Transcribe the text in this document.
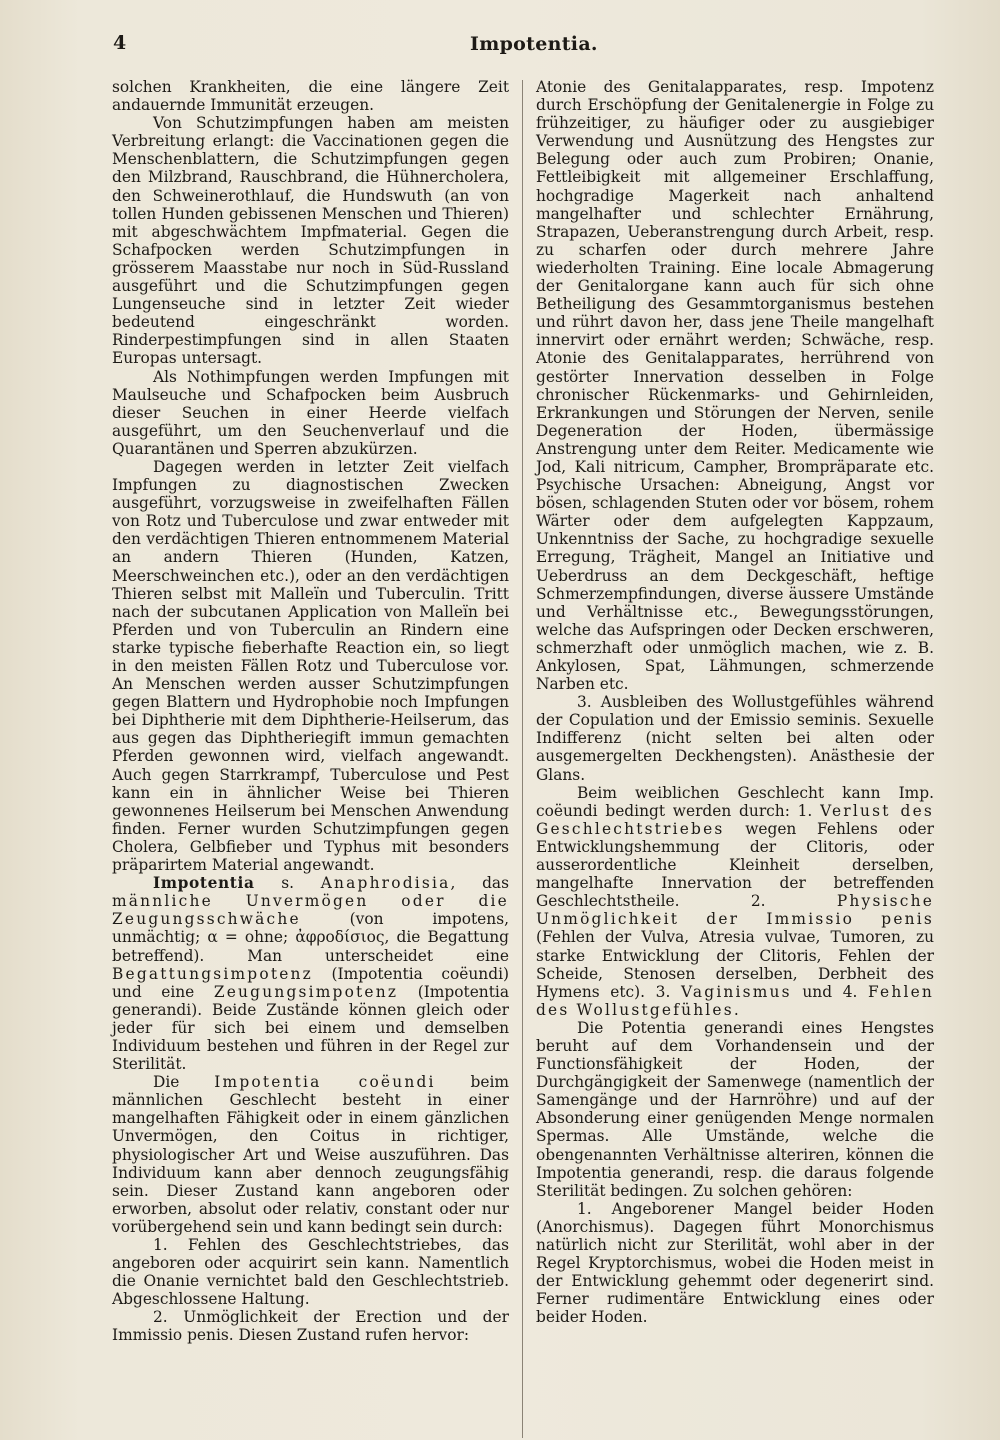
4	Impotentia.

solchen Krankheiten, die eine längere Zeit andauernde Immunität erzeugen.

Von Schutzimpfungen haben am meisten Verbreitung erlangt: die Vaccinationen gegen die Menschenblattern, die Schutzimpfungen gegen den Milzbrand, Rauschbrand, die Hühnercholera, den Schweinerothlauf, die Hundswuth (an von tollen Hunden gebissenen Menschen und Thieren) mit abgeschwächtem Impfmaterial. Gegen die Schafpocken werden Schutzimpfungen in grösserem Maasstabe nur noch in Süd-Russland ausgeführt und die Schutzimpfungen gegen Lungenseuche sind in letzter Zeit wieder bedeutend eingeschränkt worden. Rinderpestimpfungen sind in allen Staaten Europas untersagt.

Als Nothimpfungen werden Impfungen mit Maulseuche und Schafpocken beim Ausbruch dieser Seuchen in einer Heerde vielfach ausgeführt, um den Seuchenverlauf und die Quarantänen und Sperren abzukürzen.

Dagegen werden in letzter Zeit vielfach Impfungen zu diagnostischen Zwecken ausgeführt, vorzugsweise in zweifelhaften Fällen von Rotz und Tuberculose und zwar entweder mit den verdächtigen Thieren entnommenem Material an andern Thieren (Hunden, Katzen, Meerschweinchen etc.), oder an den verdächtigen Thieren selbst mit Malleïn und Tuberculin. Tritt nach der subcutanen Application von Malleïn bei Pferden und von Tuberculin an Rindern eine starke typische fieberhafte Reaction ein, so liegt in den meisten Fällen Rotz und Tuberculose vor. An Menschen werden ausser Schutzimpfungen gegen Blattern und Hydrophobie noch Impfungen bei Diphtherie mit dem Diphtherie-Heilserum, das aus gegen das Diphtheriegift immun gemachten Pferden gewonnen wird, vielfach angewandt. Auch gegen Starrkrampf, Tuberculose und Pest kann ein in ähnlicher Weise bei Thieren gewonnenes Heilserum bei Menschen Anwendung finden. Ferner wurden Schutzimpfungen gegen Cholera, Gelbfieber und Typhus mit besonders präparirtem Material angewandt.

Impotentia s. Anaphrodisia, das männliche Unvermögen oder die Zeugungsschwäche (von impotens, unmächtig; α = ohne; ἀφροδίσιος, die Begattung betreffend). Man unterscheidet eine Begattungsimpotenz (Impotentia coëundi) und eine Zeugungsimpotenz (Impotentia generandi). Beide Zustände können gleich oder jeder für sich bei einem und demselben Individuum bestehen und führen in der Regel zur Sterilität.

Die Impotentia coëundi beim männlichen Geschlecht besteht in einer mangelhaften Fähigkeit oder in einem gänzlichen Unvermögen, den Coitus in richtiger, physiologischer Art und Weise auszuführen. Das Individuum kann aber dennoch zeugungsfähig sein. Dieser Zustand kann angeboren oder erworben, absolut oder relativ, constant oder nur vorübergehend sein und kann bedingt sein durch:

1. Fehlen des Geschlechtstriebes, das angeboren oder acquirirt sein kann. Namentlich die Onanie vernichtet bald den Geschlechtstrieb. Abgeschlossene Haltung.

2. Unmöglichkeit der Erection und der Immissio penis. Diesen Zustand rufen hervor:

Atonie des Genitalapparates, resp. Impotenz durch Erschöpfung der Genitalenergie in Folge zu frühzeitiger, zu häufiger oder zu ausgiebiger Verwendung und Ausnützung des Hengstes zur Belegung oder auch zum Probiren; Onanie, Fettleibigkeit mit allgemeiner Erschlaffung, hochgradige Magerkeit nach anhaltend mangelhafter und schlechter Ernährung, Strapazen, Ueberanstrengung durch Arbeit, resp. zu scharfen oder durch mehrere Jahre wiederholten Training. Eine locale Abmagerung der Genitalorgane kann auch für sich ohne Betheiligung des Gesammtorganismus bestehen und rührt davon her, dass jene Theile mangelhaft innervirt oder ernährt werden; Schwäche, resp. Atonie des Genitalapparates, herrührend von gestörter Innervation desselben in Folge chronischer Rückenmarks- und Gehirnleiden, Erkrankungen und Störungen der Nerven, senile Degeneration der Hoden, übermässige Anstrengung unter dem Reiter. Medicamente wie Jod, Kali nitricum, Campher, Brompräparate etc. Psychische Ursachen: Abneigung, Angst vor bösen, schlagenden Stuten oder vor bösem, rohem Wärter oder dem aufgelegten Kappzaum, Unkenntniss der Sache, zu hochgradige sexuelle Erregung, Trägheit, Mangel an Initiative und Ueberdruss an dem Deckgeschäft, heftige Schmerzempfindungen, diverse äussere Umstände und Verhältnisse etc., Bewegungsstörungen, welche das Aufspringen oder Decken erschweren, schmerzhaft oder unmöglich machen, wie z. B. Ankylosen, Spat, Lähmungen, schmerzende Narben etc.

3. Ausbleiben des Wollustgefühles während der Copulation und der Emissio seminis. Sexuelle Indifferenz (nicht selten bei alten oder ausgemergelten Deckhengsten). Anästhesie der Glans.

Beim weiblichen Geschlecht kann Imp. coëundi bedingt werden durch: 1. Verlust des Geschlechtstriebes wegen Fehlens oder Entwicklungshemmung der Clitoris, oder ausserordentliche Kleinheit derselben, mangelhafte Innervation der betreffenden Geschlechtstheile. 2. Physische Unmöglichkeit der Immissio penis (Fehlen der Vulva, Atresia vulvae, Tumoren, zu starke Entwicklung der Clitoris, Fehlen der Scheide, Stenosen derselben, Derbheit des Hymens etc). 3. Vaginismus und 4. Fehlen des Wollustgefühles.

Die Potentia generandi eines Hengstes beruht auf dem Vorhandensein und der Functionsfähigkeit der Hoden, der Durchgängigkeit der Samenwege (namentlich der Samengänge und der Harnröhre) und auf der Absonderung einer genügenden Menge normalen Spermas. Alle Umstände, welche die obengenannten Verhältnisse alteriren, können die Impotentia generandi, resp. die daraus folgende Sterilität bedingen. Zu solchen gehören:

1. Angeborener Mangel beider Hoden (Anorchismus). Dagegen führt Monorchismus natürlich nicht zur Sterilität, wohl aber in der Regel Kryptorchismus, wobei die Hoden meist in der Entwicklung gehemmt oder degenerirt sind. Ferner rudimentäre Entwicklung eines oder beider Hoden.
